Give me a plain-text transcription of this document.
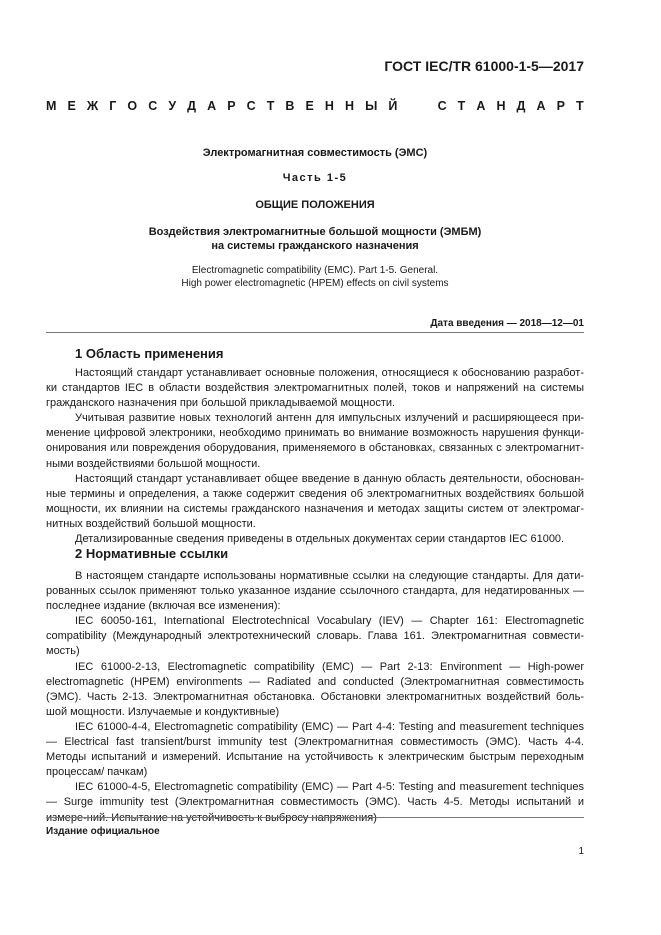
ГОСТ IEC/TR 61000-1-5—2017
М Е Ж Г О С У Д А Р С Т В Е Н Н Ы Й

	С Т А Н Д А Р Т
Электромагнитная совместимость (ЭМС)
Часть 1-5
ОБЩИЕ ПОЛОЖЕНИЯ
Воздействия электромагнитные большой мощности (ЭМБМ)
на системы гражданского назначения
Electromagnetic compatibility (EMC). Part 1-5. General.
High power electromagnetic (HPEM) effects on civil systems
Дата введения — 2018—12—01
1 Область применения

Настоящий стандарт устанавливает основные положения, относящиеся к обоснованию разработ-ки стандартов IEC в области воздействия электромагнитных полей, токов и напряжений на системы гражданского назначения при большой прикладываемой мощности.

Учитывая развитие новых технологий антенн для импульсных излучений и расширяющееся при-менение цифровой электроники, необходимо принимать во внимание возможность нарушения функци-онирования или повреждения оборудования, применяемого в обстановках, связанных с электромагнит-ными воздействиями большой мощности.

Настоящий стандарт устанавливает общее введение в данную область деятельности, обоснован-ные термины и определения, а также содержит сведения об электромагнитных воздействиях большой мощности, их влиянии на системы гражданского назначения и методах защиты систем от электромаг-нитных воздействий большой мощности.

Детализированные сведения приведены в отдельных документах серии стандартов IEC 61000.

2 Нормативные ссылки

В настоящем стандарте использованы нормативные ссылки на следующие стандарты. Для дати-рованных ссылок применяют только указанное издание ссылочного стандарта, для недатированных — последнее издание (включая все изменения):

IEC 60050-161, International Electrotechnical Vocabulary (IEV) — Chapter 161: Electromagnetic compatibility (Международный электротехнический словарь. Глава 161. Электромагнитная совмести-мость)

IEC 61000-2-13, Electromagnetic compatibility (EMC) — Part 2-13: Environment — High-power electromagnetic (HPEM) environments — Radiated and conducted (Электромагнитная совместимость (ЭМС). Часть 2-13. Электромагнитная обстановка. Обстановки электромагнитных воздействий боль-шой мощности. Излучаемые и кондуктивные)

IEC 61000-4-4, Electromagnetic compatibility (EMC) — Part 4-4: Testing and measurement techniques — Electrical fast transient/burst immunity test (Электромагнитная совместимость (ЭМС). Часть 4-4. Методы испытаний и измерений. Испытание на устойчивость к электрическим быстрым переходным процессам/ пачкам)

IEC 61000-4-5, Electromagnetic compatibility (EMC) — Part 4-5: Testing and measurement techniques — Surge immunity test (Электромагнитная совместимость (ЭМС). Часть 4-5. Методы испытаний и измере-ний. Испытание на устойчивость к выбросу напряжения)

Издание официальное
1
